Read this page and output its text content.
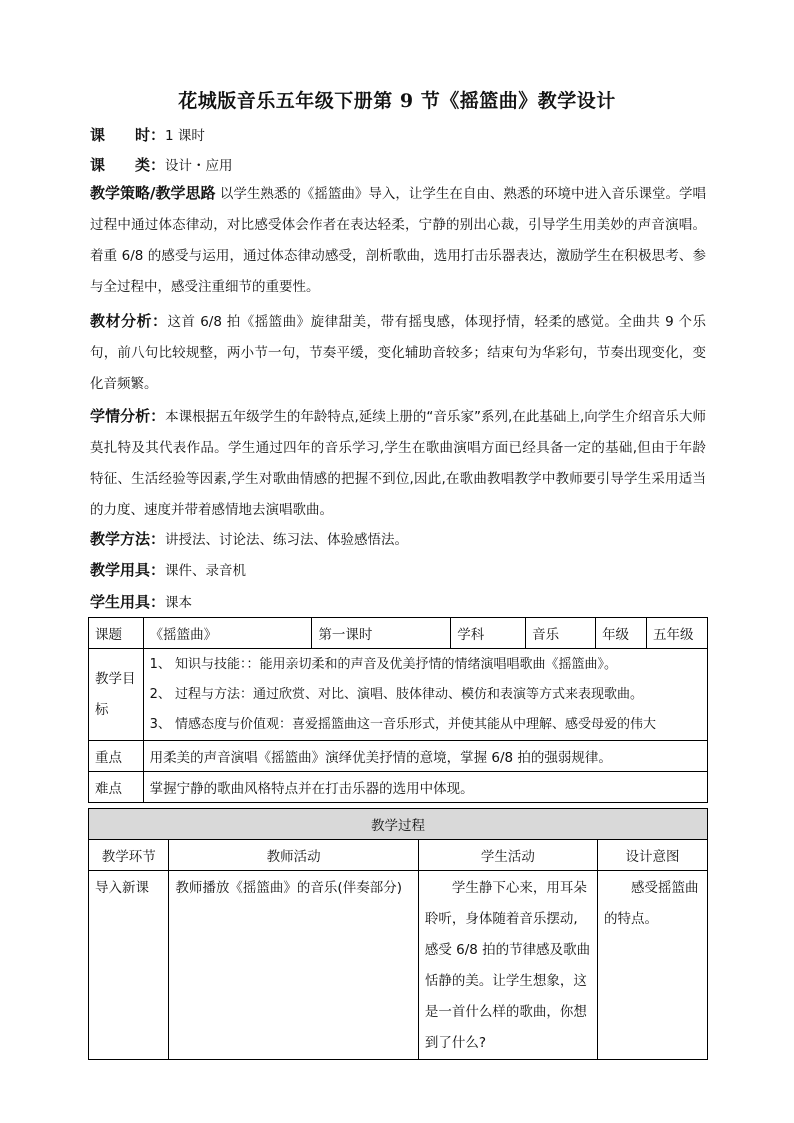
花城版音乐五年级下册第 9 节《摇篮曲》教学设计
课　　时：1 课时
课　　类：设计・应用
教学策略/教学思路 以学生熟悉的《摇篮曲》导入，让学生在自由、熟悉的环境中进入音乐课堂。学唱过程中通过体态律动，对比感受体会作者在表达轻柔，宁静的别出心裁，引导学生用美妙的声音演唱。 着重 6/8 的感受与运用，通过体态律动感受，剖析歌曲，选用打击乐器表达，激励学生在积极思考、参与全过程中，感受注重细节的重要性。
教材分析：这首 6/8 拍《摇篮曲》旋律甜美，带有摇曳感，体现抒情，轻柔的感觉。全曲共 9 个乐句，前八句比较规整，两小节一句，节奏平缓，变化辅助音较多；结束句为华彩句，节奏出现变化，变化音频繁。
学情分析：本课根据五年级学生的年龄特点,延续上册的“音乐家”系列,在此基础上,向学生介绍音乐大师莫扎特及其代表作品。学生通过四年的音乐学习,学生在歌曲演唱方面已经具备一定的基础,但由于年龄特征、生活经验等因素,学生对歌曲情感的把握不到位,因此,在歌曲教唱教学中教师要引导学生采用适当的力度、速度并带着感情地去演唱歌曲。
教学方法：讲授法、讨论法、练习法、体验感悟法。
教学用具：课件、录音机
学生用具：课本
课题	《摇篮曲》	第一课时	学科	音乐	年级	五年级
教学目标	1、 知识与技能：：能用亲切柔和的声音及优美抒情的情绪演唱唱歌曲《摇篮曲》。
2、 过程与方法：通过欣赏、对比、演唱、肢体律动、模仿和表演等方式来表现歌曲。
3、 情感态度与价值观：喜爱摇篮曲这一音乐形式，并使其能从中理解、感受母爱的伟大					

重点	用柔美的声音演唱《摇篮曲》演绎优美抒情的意境，掌握 6/8 拍的强弱规律。					
难点	掌握宁静的歌曲风格特点并在打击乐器的选用中体现。					
教学过程			
教学环节	教师活动	学生活动	设计意图
导入新课	教师播放《摇篮曲》的音乐(伴奏部分)	　　学生静下心来，用耳朵聆听，身体随着音乐摆动,感受 6/8 拍的节律感及歌曲恬静的美。让学生想象，这是一首什么样的歌曲，你想到了什么?	　　感受摇篮曲的特点。
